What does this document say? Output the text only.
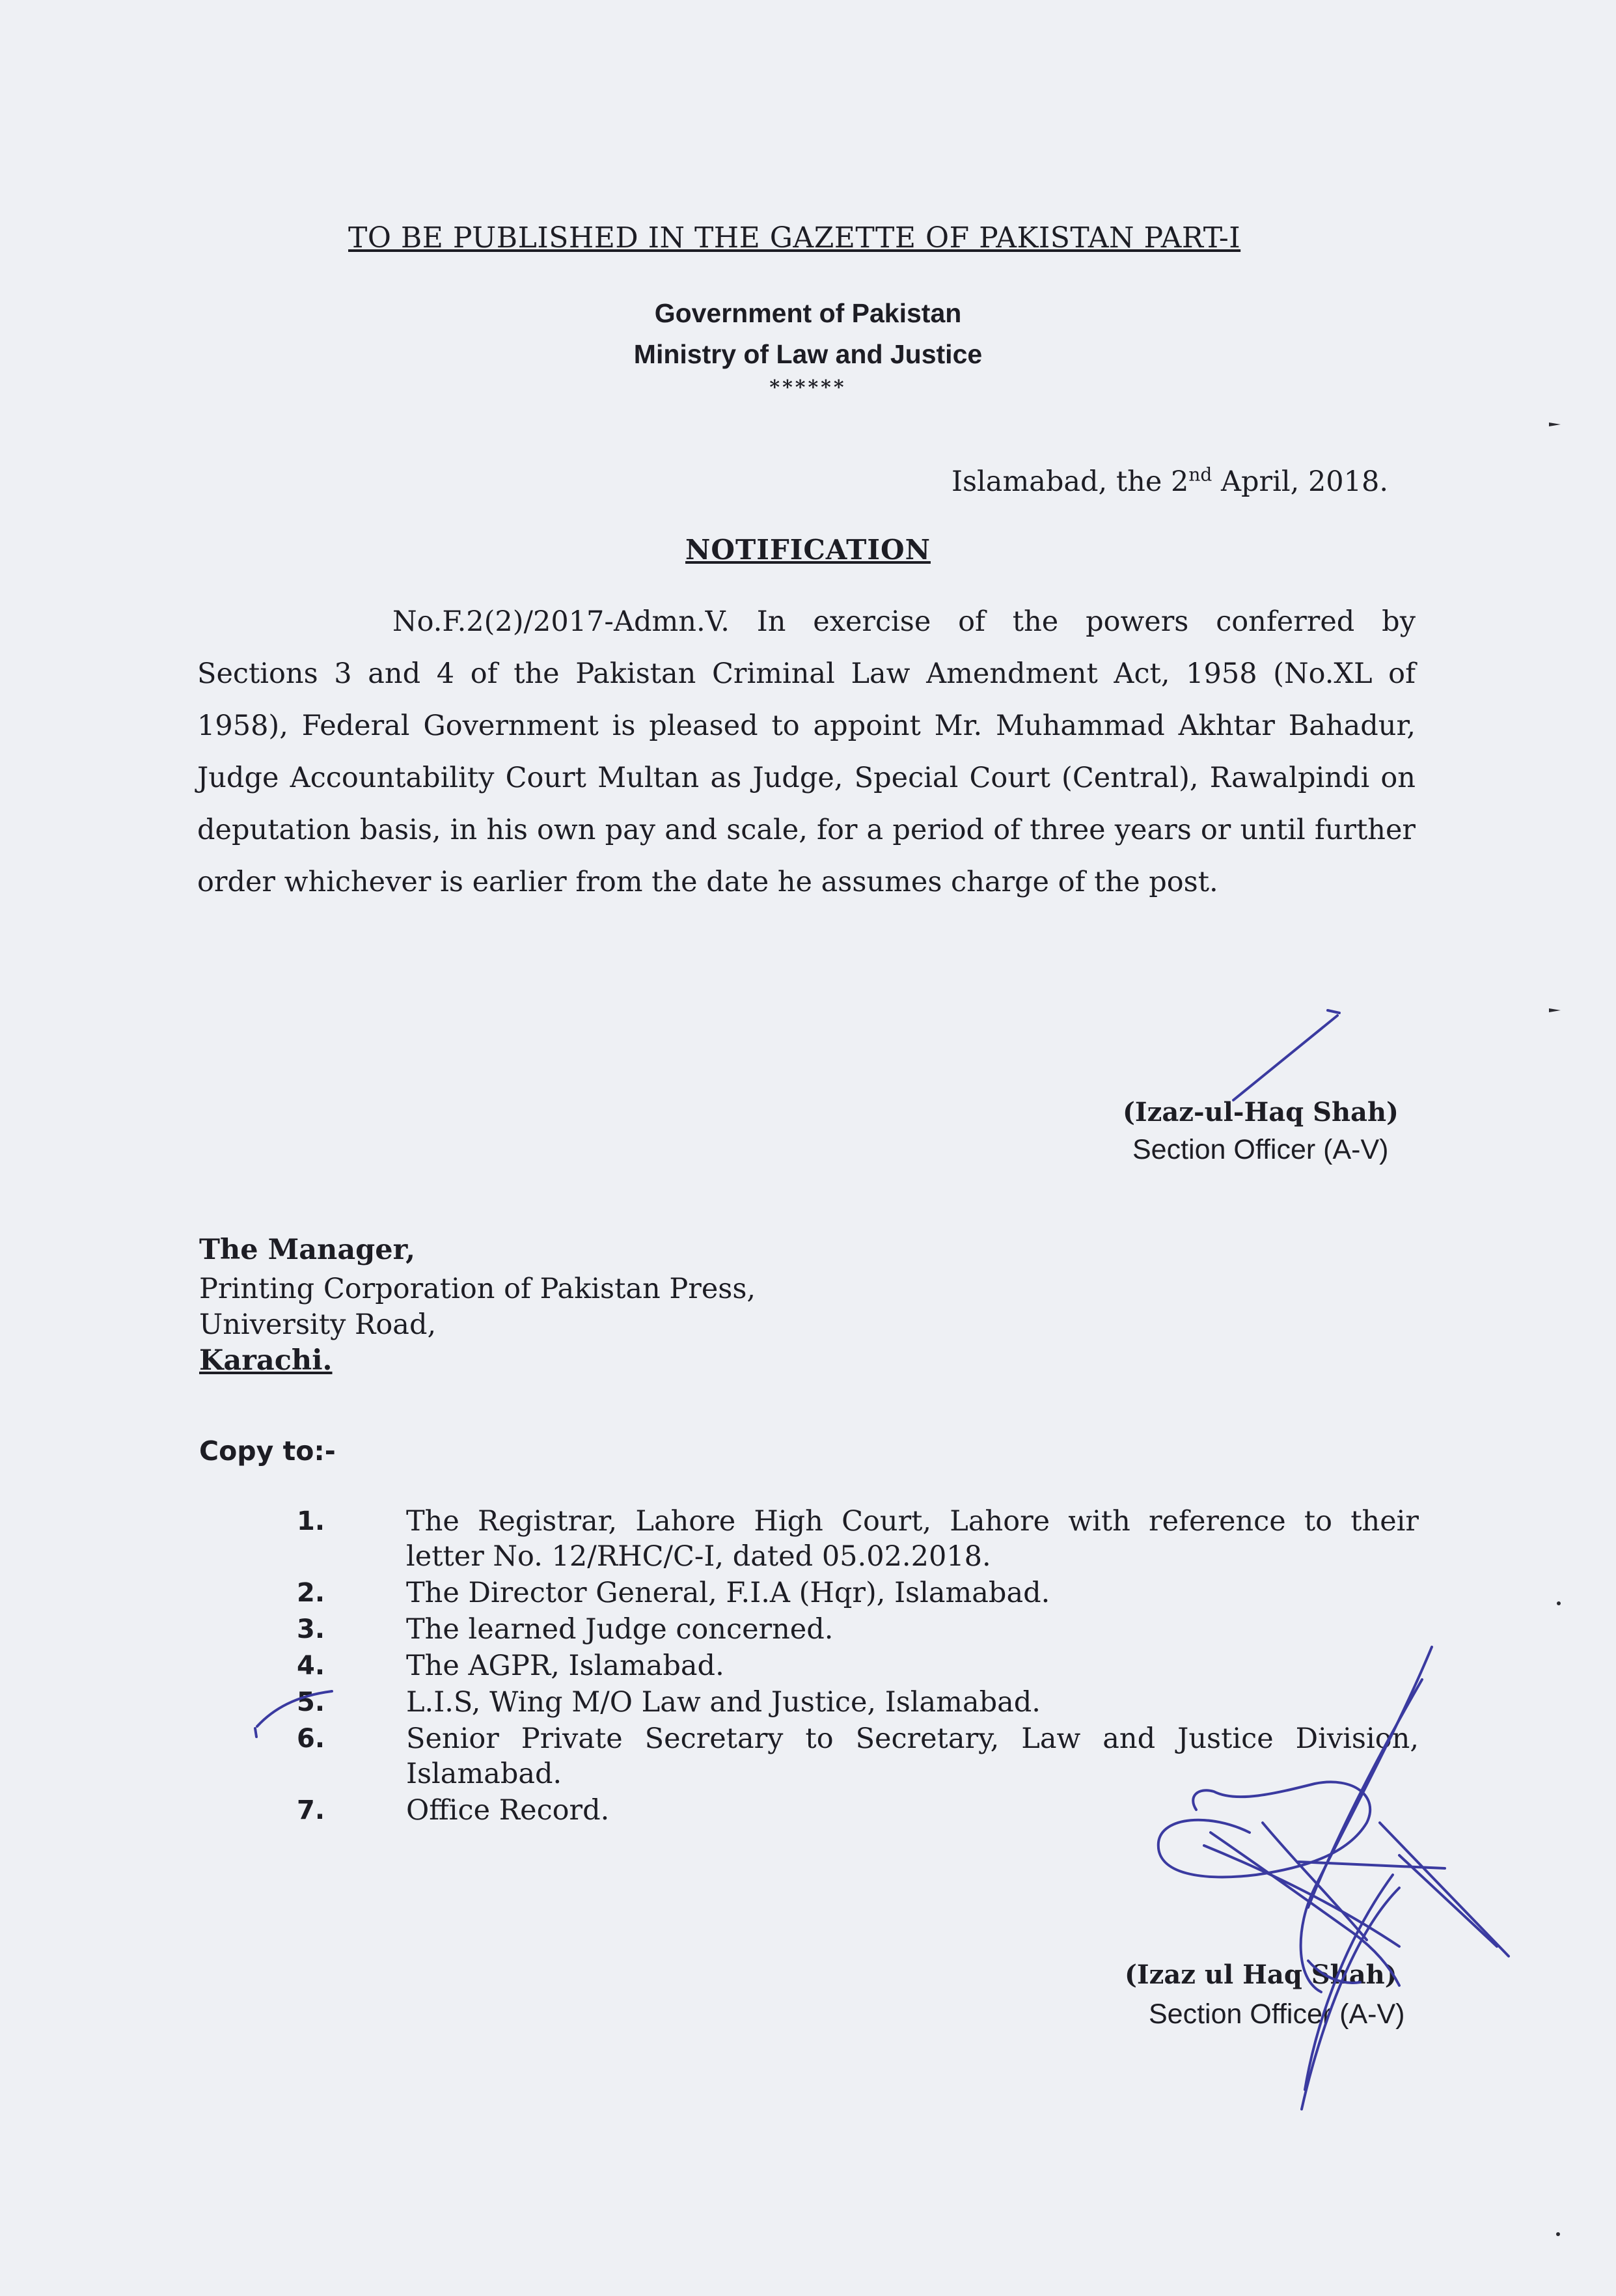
TO BE PUBLISHED IN THE GAZETTE OF PAKISTAN PART-I
Government of Pakistan
Ministry of Law and Justice
******
Islamabad, the 2nd April, 2018.
NOTIFICATION
No.F.2(2)/2017-Admn.V. In exercise of the powers conferred by Sections 3 and 4 of the Pakistan Criminal Law Amendment Act, 1958 (No.XL of 1958), Federal Government is pleased to appoint Mr. Muhammad Akhtar Bahadur, Judge Accountability Court Multan as Judge, Special Court (Central), Rawalpindi on deputation basis, in his own pay and scale, for a period of three years or until further order whichever is earlier from the date he assumes charge of the post.
(Izaz-ul-Haq Shah)
Section Officer (A-V)
The Manager,
Printing Corporation of Pakistan Press,
University Road,
Karachi.
Copy to:-
1.	The Registrar, Lahore High Court, Lahore with reference to their letter No. 12/RHC/C-I, dated 05.02.2018.
2.	The Director General, F.I.A (Hqr), Islamabad.
3.	The learned Judge concerned.
4.	The AGPR, Islamabad.
5.	L.I.S, Wing M/O Law and Justice, Islamabad.
6.	Senior Private Secretary to Secretary, Law and Justice Division, Islamabad.
7.	Office Record.
(Izaz ul Haq Shah)
Section Officer (A-V)
